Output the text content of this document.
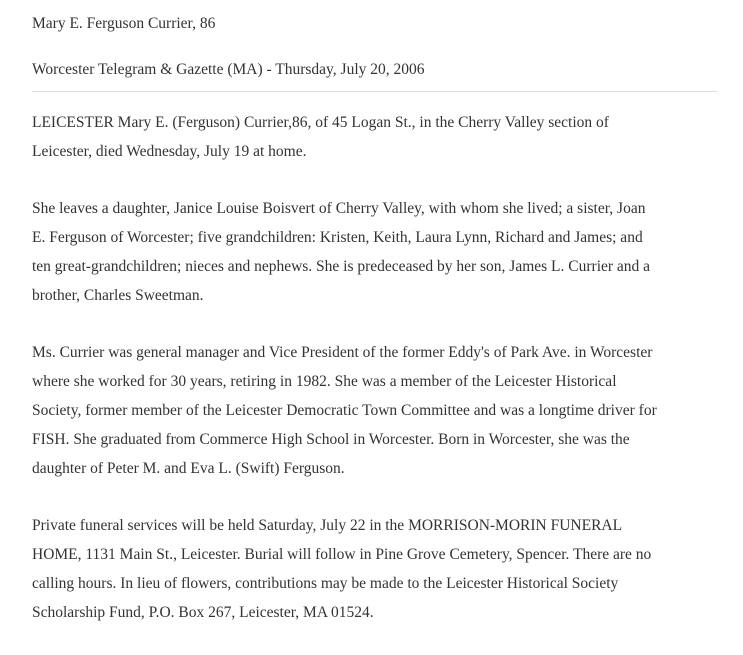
Mary E. Ferguson Currier, 86
Worcester Telegram & Gazette (MA) - Thursday, July 20, 2006

LEICESTER Mary E. (Ferguson) Currier,86, of 45 Logan St., in the Cherry Valley section of
Leicester, died Wednesday, July 19 at home.

She leaves a daughter, Janice Louise Boisvert of Cherry Valley, with whom she lived; a sister, Joan
E. Ferguson of Worcester; five grandchildren: Kristen, Keith, Laura Lynn, Richard and James; and
ten great-grandchildren; nieces and nephews. She is predeceased by her son, James L. Currier and a
brother, Charles Sweetman.

Ms. Currier was general manager and Vice President of the former Eddy's of Park Ave. in Worcester
where she worked for 30 years, retiring in 1982. She was a member of the Leicester Historical
Society, former member of the Leicester Democratic Town Committee and was a longtime driver for
FISH. She graduated from Commerce High School in Worcester. Born in Worcester, she was the
daughter of Peter M. and Eva L. (Swift) Ferguson.

Private funeral services will be held Saturday, July 22 in the MORRISON-MORIN FUNERAL
HOME, 1131 Main St., Leicester. Burial will follow in Pine Grove Cemetery, Spencer. There are no
calling hours. In lieu of flowers, contributions may be made to the Leicester Historical Society
Scholarship Fund, P.O. Box 267, Leicester, MA 01524.
